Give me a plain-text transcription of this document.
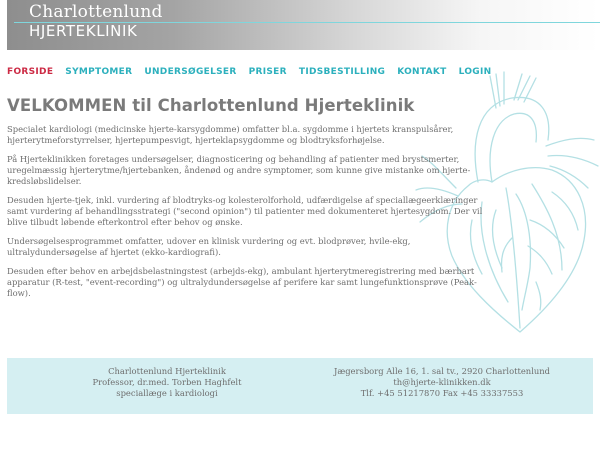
Charlottenlund
HJERTEKLINIK
FORSIDE SYMPTOMER UNDERSØGELSER PRISER TIDSBESTILLING KONTAKT LOGIN
VELKOMMEN til Charlottenlund Hjerteklinik

Specialet kardiologi (medicinske hjerte-karsygdomme) omfatter bl.a. sygdomme i hjertets kranspulsårer, hjerterytmeforstyrrelser, hjertepumpesvigt, hjerteklapsygdomme og blodtryksforhøjelse.

På Hjerteklinikken foretages undersøgelser, diagnosticering og behandling af patienter med brystsmerter, uregelmæssig hjerterytme/hjertebanken, åndenød og andre symptomer, som kunne give mistanke om hjerte-kredsløbslidelser.

Desuden hjerte-tjek, inkl. vurdering af blodtryks-og kolesterolforhold, udfærdigelse af speciallægeerklæringer samt vurdering af behandlingsstrategi ("second opinion") til patienter med dokumenteret hjertesygdom. Der vil blive tilbudt løbende efterkontrol efter behov og ønske.

Undersøgelsesprogrammet omfatter, udover en klinisk vurdering og evt. blodprøver, hvile-ekg, ultralydundersøgelse af hjertet (ekko-kardiografi).

Desuden efter behov en arbejdsbelastningstest (arbejds-ekg), ambulant hjerterytmeregistrering med bærbart apparatur (R-test, "event-recording") og ultralydundersøgelse af perifere kar samt lungefunktionsprøve (Peak-flow).

Charlottenlund Hjerteklinik
Professor, dr.med. Torben Haghfelt
speciallæge i kardiologi
Jægersborg Alle 16, 1. sal tv., 2920 Charlottenlund
th@hjerte-klinikken.dk
Tlf. +45 51217870 Fax +45 33337553
